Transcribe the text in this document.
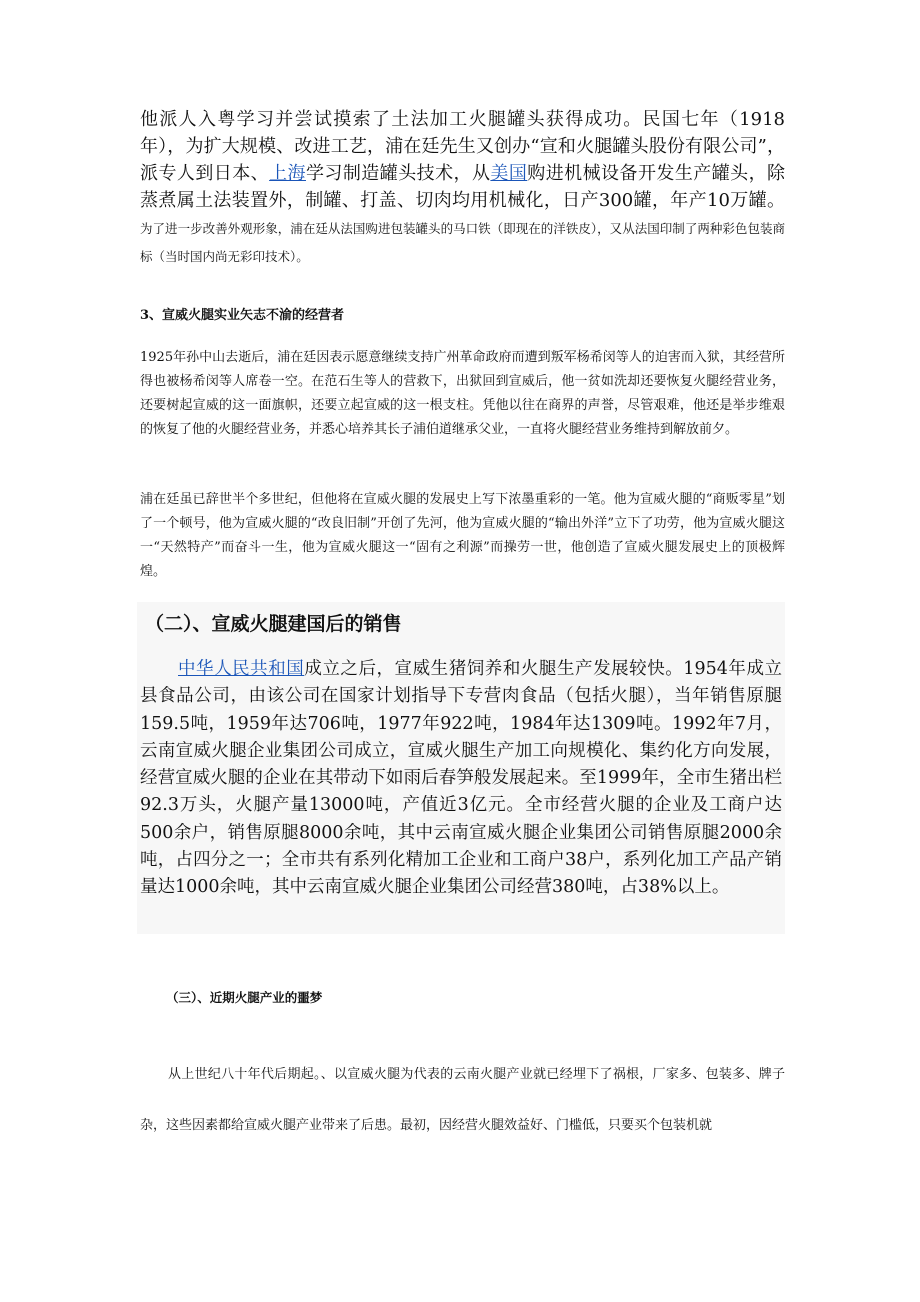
他派人入粤学习并尝试摸索了土法加工火腿罐头获得成功。民国七年（1918年），为扩大规模、改进工艺，浦在廷先生又创办“宣和火腿罐头股份有限公司”，派专人到日本、上海学习制造罐头技术，从美国购进机械设备开发生产罐头，除蒸煮属土法装置外，制罐、打盖、切肉均用机械化，日产300罐，年产10万罐。为了进一步改善外观形象，浦在廷从法国购进包装罐头的马口铁（即现在的洋铁皮），又从法国印制了两种彩色包装商标（当时国内尚无彩印技术）。
3、宣威火腿实业矢志不渝的经营者
1925年孙中山去逝后，浦在廷因表示愿意继续支持广州革命政府而遭到叛军杨希闵等人的迫害而入狱，其经营所得也被杨希闵等人席卷一空。在范石生等人的营救下，出狱回到宣威后，他一贫如洗却还要恢复火腿经营业务，还要树起宣威的这一面旗帜，还要立起宣威的这一根支柱。凭他以往在商界的声誉，尽管艰难，他还是举步维艰的恢复了他的火腿经营业务，并悉心培养其长子浦伯道继承父业，一直将火腿经营业务维持到解放前夕。
浦在廷虽已辞世半个多世纪，但他将在宣威火腿的发展史上写下浓墨重彩的一笔。他为宣威火腿的“商贩零星”划了一个顿号，他为宣威火腿的“改良旧制”开创了先河，他为宣威火腿的“输出外洋”立下了功劳，他为宣威火腿这一“天然特产”而奋斗一生，他为宣威火腿这一“固有之利源”而操劳一世，他创造了宣威火腿发展史上的顶极辉煌。
（二）、宣威火腿建国后的销售
中华人民共和国成立之后，宣威生猪饲养和火腿生产发展较快。1954年成立县食品公司，由该公司在国家计划指导下专营肉食品（包括火腿），当年销售原腿159.5吨，1959年达706吨，1977年922吨，1984年达1309吨。1992年7月，云南宣威火腿企业集团公司成立，宣威火腿生产加工向规模化、集约化方向发展，经营宣威火腿的企业在其带动下如雨后春笋般发展起来。至1999年，全市生猪出栏92.3万头，火腿产量13000吨，产值近3亿元。全市经营火腿的企业及工商户达500余户，销售原腿8000余吨，其中云南宣威火腿企业集团公司销售原腿2000余吨，占四分之一；全市共有系列化精加工企业和工商户38户，系列化加工产品产销量达1000余吨，其中云南宣威火腿企业集团公司经营380吨，占38%以上。
（三）、近期火腿产业的噩梦
从上世纪八十年代后期起。、以宣威火腿为代表的云南火腿产业就已经埋下了祸根，厂家多、包装多、牌子杂，这些因素都给宣威火腿产业带来了后患。最初，因经营火腿效益好、门槛低，只要买个包装机就
